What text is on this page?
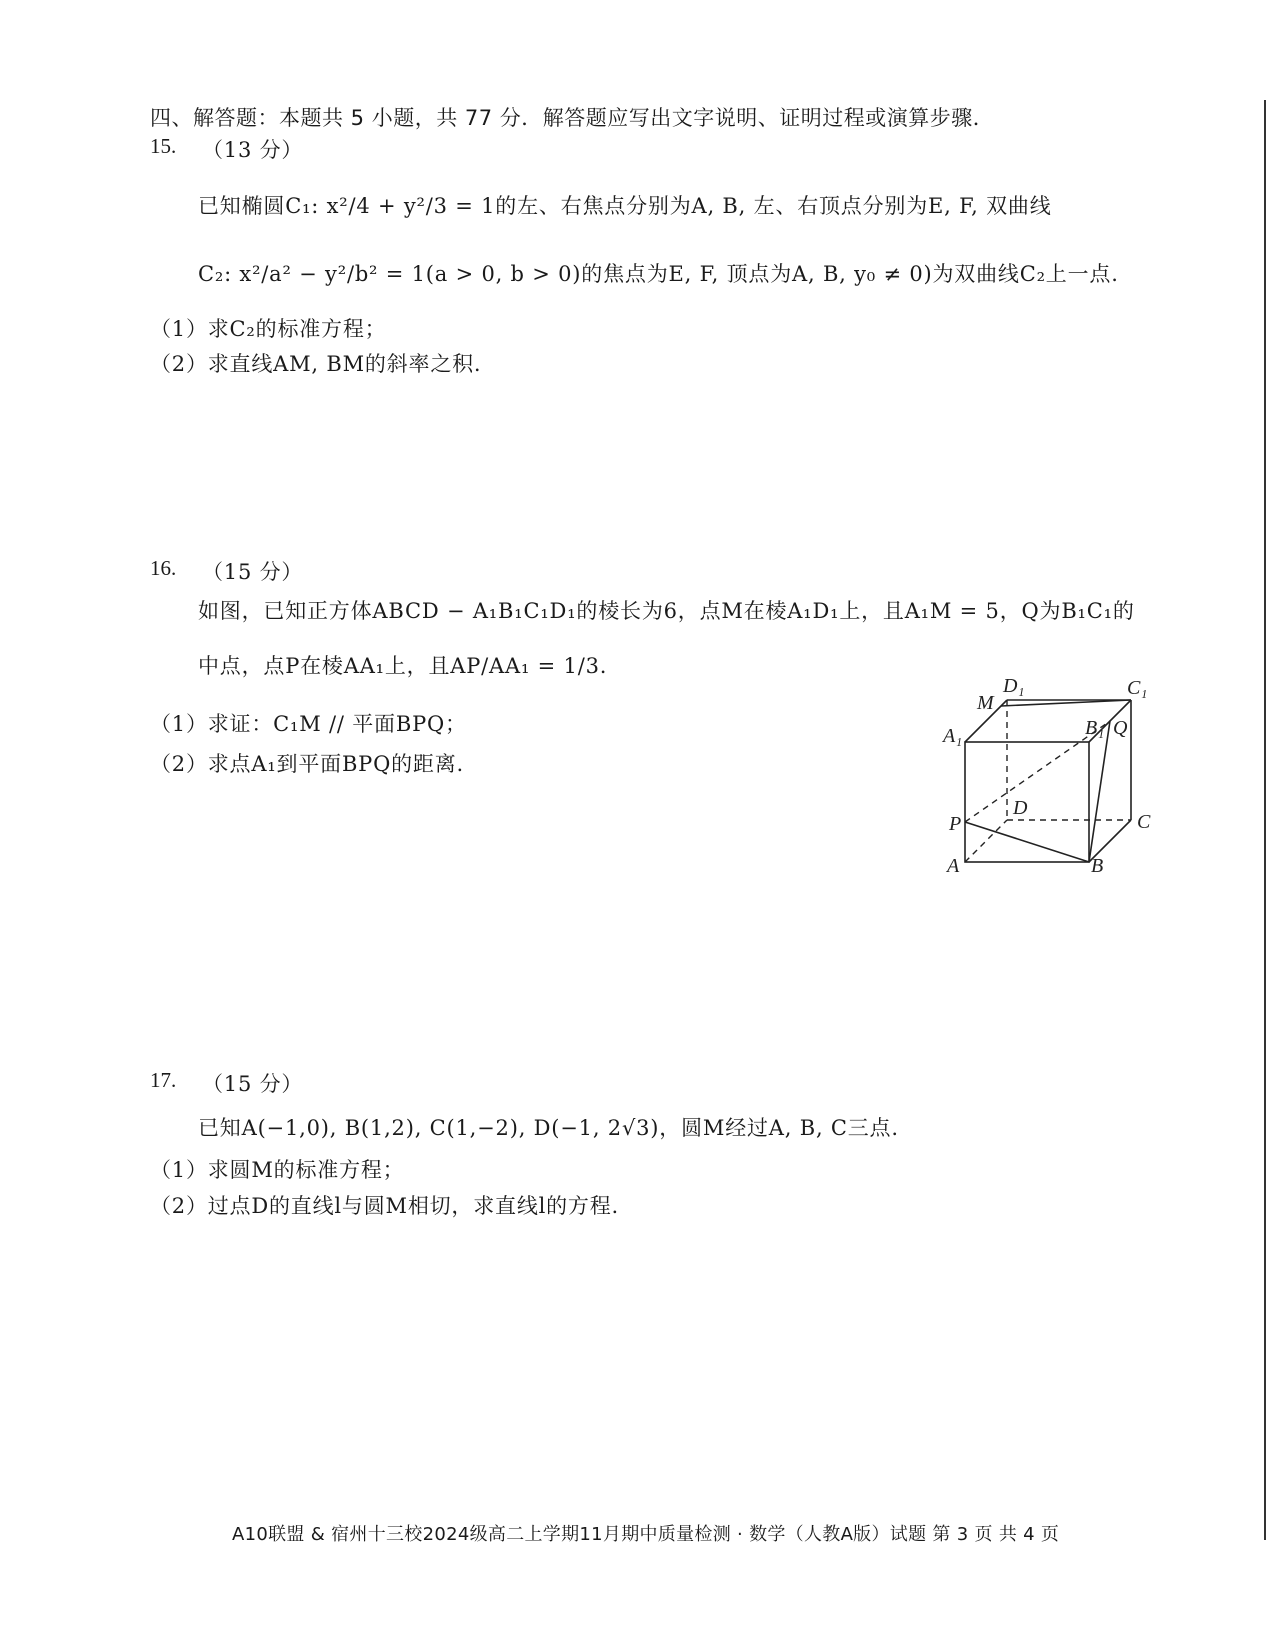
四、解答题：本题共 5 小题，共 77 分．解答题应写出文字说明、证明过程或演算步骤．
15. （13 分）
已知椭圆C₁: x²/4 + y²/3 = 1的左、右焦点分别为A, B, 左、右顶点分别为E, F, 双曲线
C₂: x²/a² − y²/b² = 1(a > 0, b > 0)的焦点为E, F, 顶点为A, B, y₀ ≠ 0)为双曲线C₂上一点.
（1）求C₂的标准方程；
（2）求直线AM, BM的斜率之积.
16. （15 分）
如图，已知正方体ABCD − A₁B₁C₁D₁的棱长为6，点M在棱A₁D₁上，且A₁M = 5，Q为B₁C₁的
中点，点P在棱AA₁上，且AP/AA₁ = 1/3.
（1）求证：C₁M // 平面BPQ；
（2）求点A₁到平面BPQ的距离.
D₁	C₁
M
B₁ Q
A₁
D
P	C
A	B
17. （15 分）
已知A(−1,0), B(1,2), C(1,−2), D(−1, 2√3)，圆M经过A, B, C三点.
（1）求圆M的标准方程；
（2）过点D的直线l与圆M相切，求直线l的方程.
A10联盟 & 宿州十三校2024级高二上学期11月期中质量检测 · 数学（人教A版）试题 第 3 页 共 4 页
